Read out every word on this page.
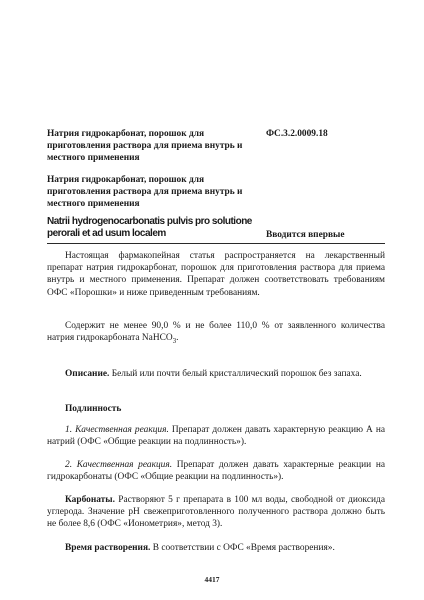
Натрия гидрокарбонат, порошок для приготовления раствора для приема внутрь и местного применения
ФС.3.2.0009.18
Натрия гидрокарбонат, порошок для приготовления раствора для приема внутрь и местного применения
Natrii hydrogenocarbonatis pulvis pro solutione perorali et ad usum localem	Вводится впервые

Настоящая фармакопейная статья распространяется на лекарственный препарат натрия гидрокарбонат, порошок для приготовления раствора для приема внутрь и местного применения. Препарат должен соответствовать требованиям ОФС «Порошки» и ниже приведенным требованиям.

Содержит не менее 90,0 % и не более 110,0 % от заявленного количества натрия гидрокарбоната NaHCO$_3$.

Описание. Белый или почти белый кристаллический порошок без запаха.

Подлинность

1. Качественная реакция. Препарат должен давать характерную реакцию А на натрий (ОФС «Общие реакции на подлинность»).

2. Качественная реакция. Препарат должен давать характерные реакции на гидрокарбонаты (ОФС «Общие реакции на подлинность»).

Карбонаты. Растворяют 5 г препарата в 100 мл воды, свободной от диоксида углерода. Значение pH свежеприготовленного полученного раствора должно быть не более 8,6 (ОФС «Ионометрия», метод 3).

Время растворения. В соответствии с ОФС «Время растворения».

4417
